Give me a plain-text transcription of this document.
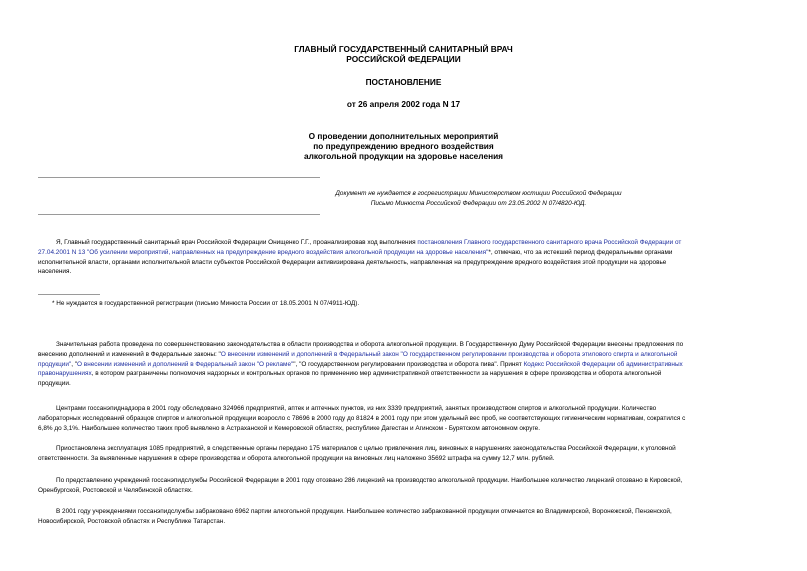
ГЛАВНЫЙ ГОСУДАРСТВЕННЫЙ САНИТАРНЫЙ ВРАЧ
РОССИЙСКОЙ ФЕДЕРАЦИИ
ПОСТАНОВЛЕНИЕ
от 26 апреля 2002 года N 17
О проведении дополнительных мероприятий
по предупреждению вредного воздействия
алкогольной продукции на здоровье населения
Документ не нуждается в госрегистрации Министерством юстиции Российской Федерации
Письмо Минюста Российской Федерации от 23.05.2002 N 07/4820-ЮД.
Я, Главный государственный санитарный врач Российской Федерации Онищенко Г.Г., проанализировав ход выполнения постановления Главного государственного санитарного врача Российской Федерации от
27.04.2001 N 13 "Об усилении мероприятий, направленных на предупреждение вредного воздействия алкогольной продукции на здоровье населения"*, отмечаю, что за истекший период федеральными органами
исполнительной власти, органами исполнительной власти субъектов Российской Федерации активизирована деятельность, направленная на предупреждение вредного воздействия этой продукции на здоровье
населения.
* Не нуждается в государственной регистрации (письмо Минюста России от 18.05.2001 N 07/4911-ЮД).
Значительная работа проведена по совершенствованию законодательства в области производства и оборота алкогольной продукции. В Государственную Думу Российской Федерации внесены предложения по
внесению дополнений и изменений в Федеральные законы: "О внесении изменений и дополнений в Федеральный закон "О государственном регулировании производства и оборота этилового спирта и алкогольной
продукции", "О внесении изменений и дополнений в Федеральный закон "О рекламе"", "О государственном регулировании производства и оборота пива". Принят Кодекс Российской Федерации об административных
правонарушениях, в котором разграничены полномочия надзорных и контрольных органов по применению мер административной ответственности за нарушения в сфере производства и оборота алкогольной
продукции.
Центрами госсанэпиднадзора в 2001 году обследовано 324966 предприятий, аптек и аптечных пунктов, из них 3339 предприятий, занятых производством спиртов и алкогольной продукции. Количество
лабораторных исследований образцов спиртов и алкогольной продукции возросло с 78696 в 2000 году до 81824 в 2001 году при этом удельный вес проб, не соответствующих гигиеническим нормативам, сократился с
6,8% до 3,1%. Наибольшее количество таких проб выявлено в Астраханской и Кемеровской областях, республике Дагестан и Агинском - Бурятском автономном округе.
Приостановлена эксплуатация 1085 предприятий, в следственные органы передано 175 материалов с целью привлечения лиц, виновных в нарушениях законодательства Российской Федерации, к уголовной
ответственности. За выявленные нарушения в сфере производства и оборота алкогольной продукции на виновных лиц наложено 35692 штрафа на сумму 12,7 млн. рублей.
По представлению учреждений госсанэпидслужбы Российской Федерации в 2001 году отозвано 286 лицензий на производство алкогольной продукции. Наибольшее количество лицензий отозвано в Кировской,
Оренбургской, Ростовской и Челябинской областях.
В 2001 году учреждениями госсанэпидслужбы забраковано 6962 партии алкогольной продукции. Наибольшее количество забракованной продукции отмечается во Владимирской, Воронежской, Пензенской,
Новосибирской, Ростовской областях и Республике Татарстан.
